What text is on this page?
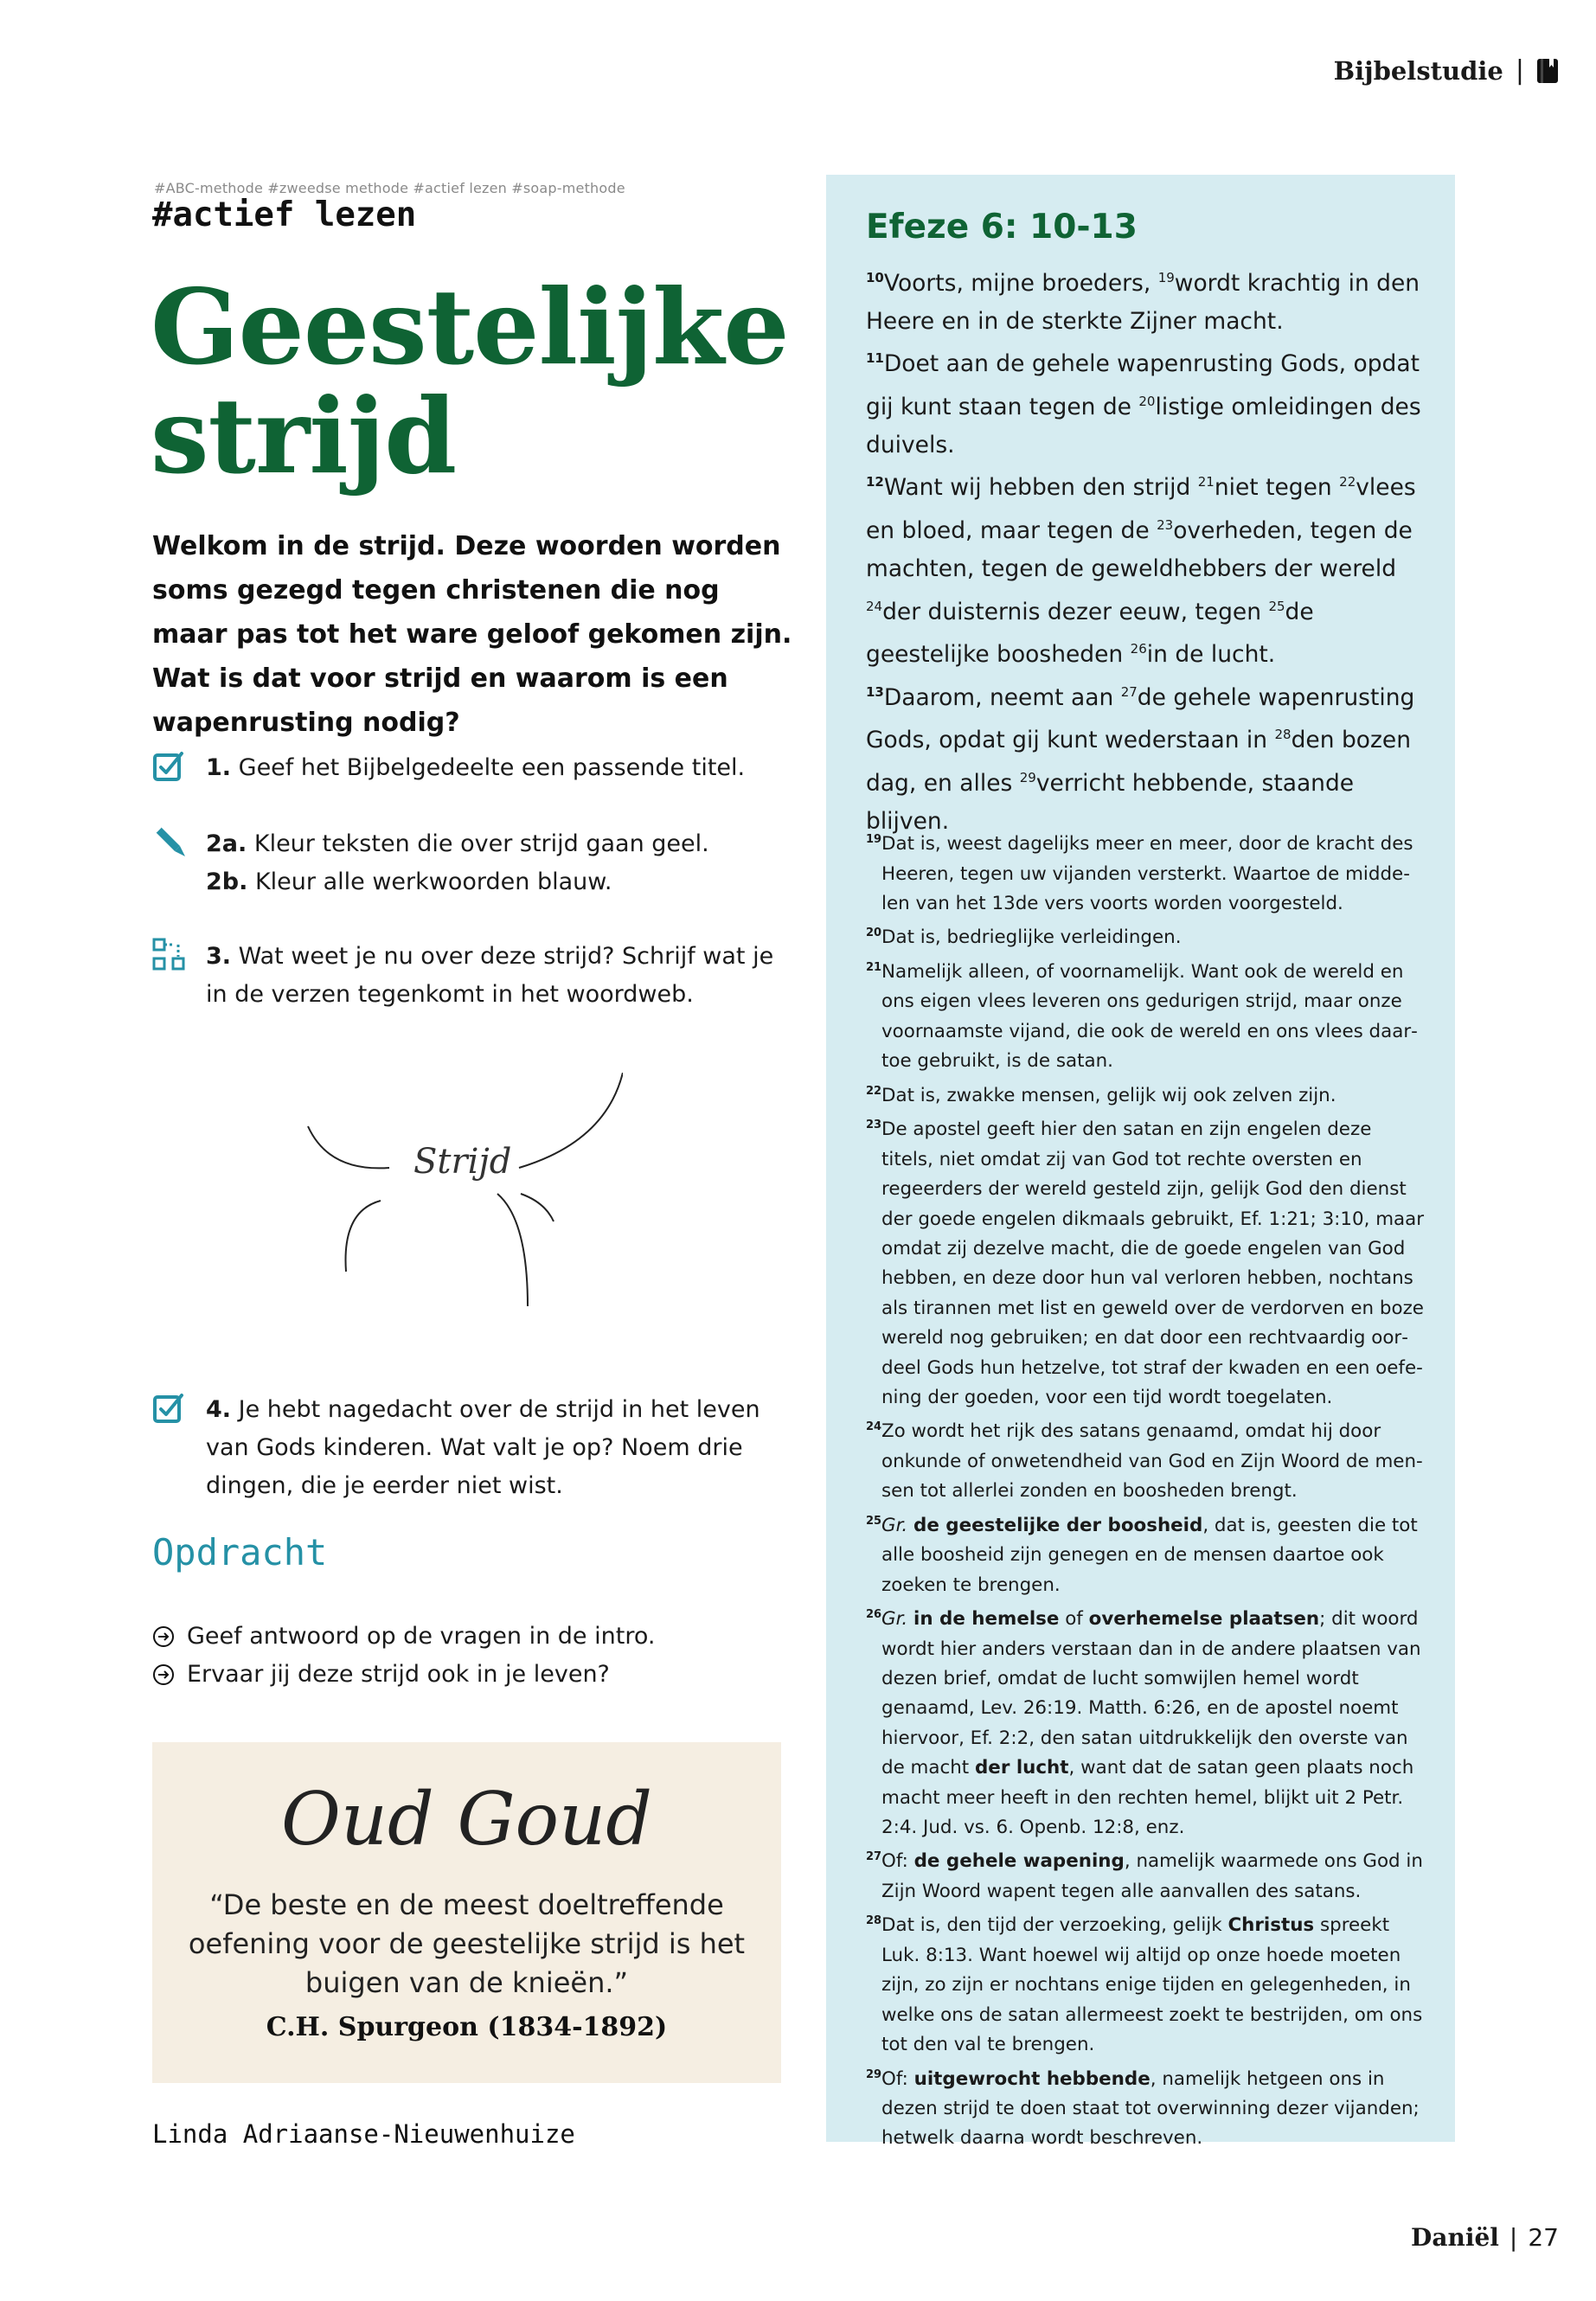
Bijbelstudie |
#ABC-methode #zweedse methode #actief lezen #soap-methode
#actief lezen
Geestelijke
strijd

Welkom in de strijd. Deze woorden worden soms gezegd tegen christenen die nog maar pas tot het ware geloof gekomen zijn. Wat is dat voor strijd en waarom is een wapenrusting nodig?

1. Geef het Bijbelgedeelte een passende titel.
2a. Kleur teksten die over strijd gaan geel.
2b. Kleur alle werkwoorden blauw.
3. Wat weet je nu over deze strijd? Schrijf wat je in de verzen tegenkomt in het woordweb.
Strijd
4. Je hebt nagedacht over de strijd in het leven van Gods kinderen. Wat valt je op? Noem drie dingen, die je eerder niet wist.
Opdracht
Geef antwoord op de vragen in de intro.
Ervaar jij deze strijd ook in je leven?
Oud Goud
“De beste en de meest doeltreffende oefening voor de geestelijke strijd is het buigen van de knieën.”
C.H. Spurgeon (1834-1892)
Linda Adriaanse-Nieuwenhuize
Efeze 6: 10-13
$^{10}$Voorts, mijne broeders, $^{19}$wordt krachtig in den Heere en in de sterkte Zijner macht.
$^{11}$Doet aan de gehele wapenrusting Gods, opdat gij kunt staan tegen de $^{20}$listige omleidingen des duivels.
$^{12}$Want wij hebben den strijd $^{21}$niet tegen $^{22}$vlees en bloed, maar tegen de $^{23}$overheden, tegen de machten, tegen de geweldhebbers der wereld $^{24}$der duisternis dezer eeuw, tegen $^{25}$de geestelijke boosheden $^{26}$in de lucht.
$^{13}$Daarom, neemt aan $^{27}$de gehele wapenrusting Gods, opdat gij kunt wederstaan in $^{28}$den bozen dag, en alles $^{29}$verricht hebbende, staande blijven.
19Dat is, weest dagelijks meer en meer, door de kracht des Heeren, tegen uw vijanden versterkt. Waartoe de middelen van het 13de vers voorts worden voorgesteld.
20Dat is, bedrieglijke verleidingen.
21Namelijk alleen, of voornamelijk. Want ook de wereld en ons eigen vlees leveren ons gedurigen strijd, maar onze voornaamste vijand, die ook de wereld en ons vlees daartoe gebruikt, is de satan.
22Dat is, zwakke mensen, gelijk wij ook zelven zijn.
23De apostel geeft hier den satan en zijn engelen deze titels, niet omdat zij van God tot rechte oversten en regeerders der wereld gesteld zijn, gelijk God den dienst der goede engelen dikmaals gebruikt, Ef. 1:21; 3:10, maar omdat zij dezelve macht, die de goede engelen van God hebben, en deze door hun val verloren hebben, nochtans als tirannen met list en geweld over de verdorven en boze wereld nog gebruiken; en dat door een rechtvaardig oordeel Gods hun hetzelve, tot straf der kwaden en een oefening der goeden, voor een tijd wordt toegelaten.
24Zo wordt het rijk des satans genaamd, omdat hij door onkunde of onwetendheid van God en Zijn Woord de mensen tot allerlei zonden en boosheden brengt.
25Gr. de geestelijke der boosheid, dat is, geesten die tot alle boosheid zijn genegen en de mensen daartoe ook zoeken te brengen.
26Gr. in de hemelse of overhemelse plaatsen; dit woord wordt hier anders verstaan dan in de andere plaatsen van dezen brief, omdat de lucht somwijlen hemel wordt genaamd, Lev. 26:19. Matth. 6:26, en de apostel noemt hiervoor, Ef. 2:2, den satan uitdrukkelijk den overste van de macht der lucht, want dat de satan geen plaats noch macht meer heeft in den rechten hemel, blijkt uit 2 Petr. 2:4. Jud. vs. 6. Openb. 12:8, enz.
27Of: de gehele wapening, namelijk waarmede ons God in Zijn Woord wapent tegen alle aanvallen des satans.
28Dat is, den tijd der verzoeking, gelijk Christus spreekt Luk. 8:13. Want hoewel wij altijd op onze hoede moeten zijn, zo zijn er nochtans enige tijden en gelegenheden, in welke ons de satan allermeest zoekt te bestrijden, om ons tot den val te brengen.
29Of: uitgewrocht hebbende, namelijk hetgeen ons in dezen strijd te doen staat tot overwinning dezer vijanden; hetwelk daarna wordt beschreven.
Daniël | 27
